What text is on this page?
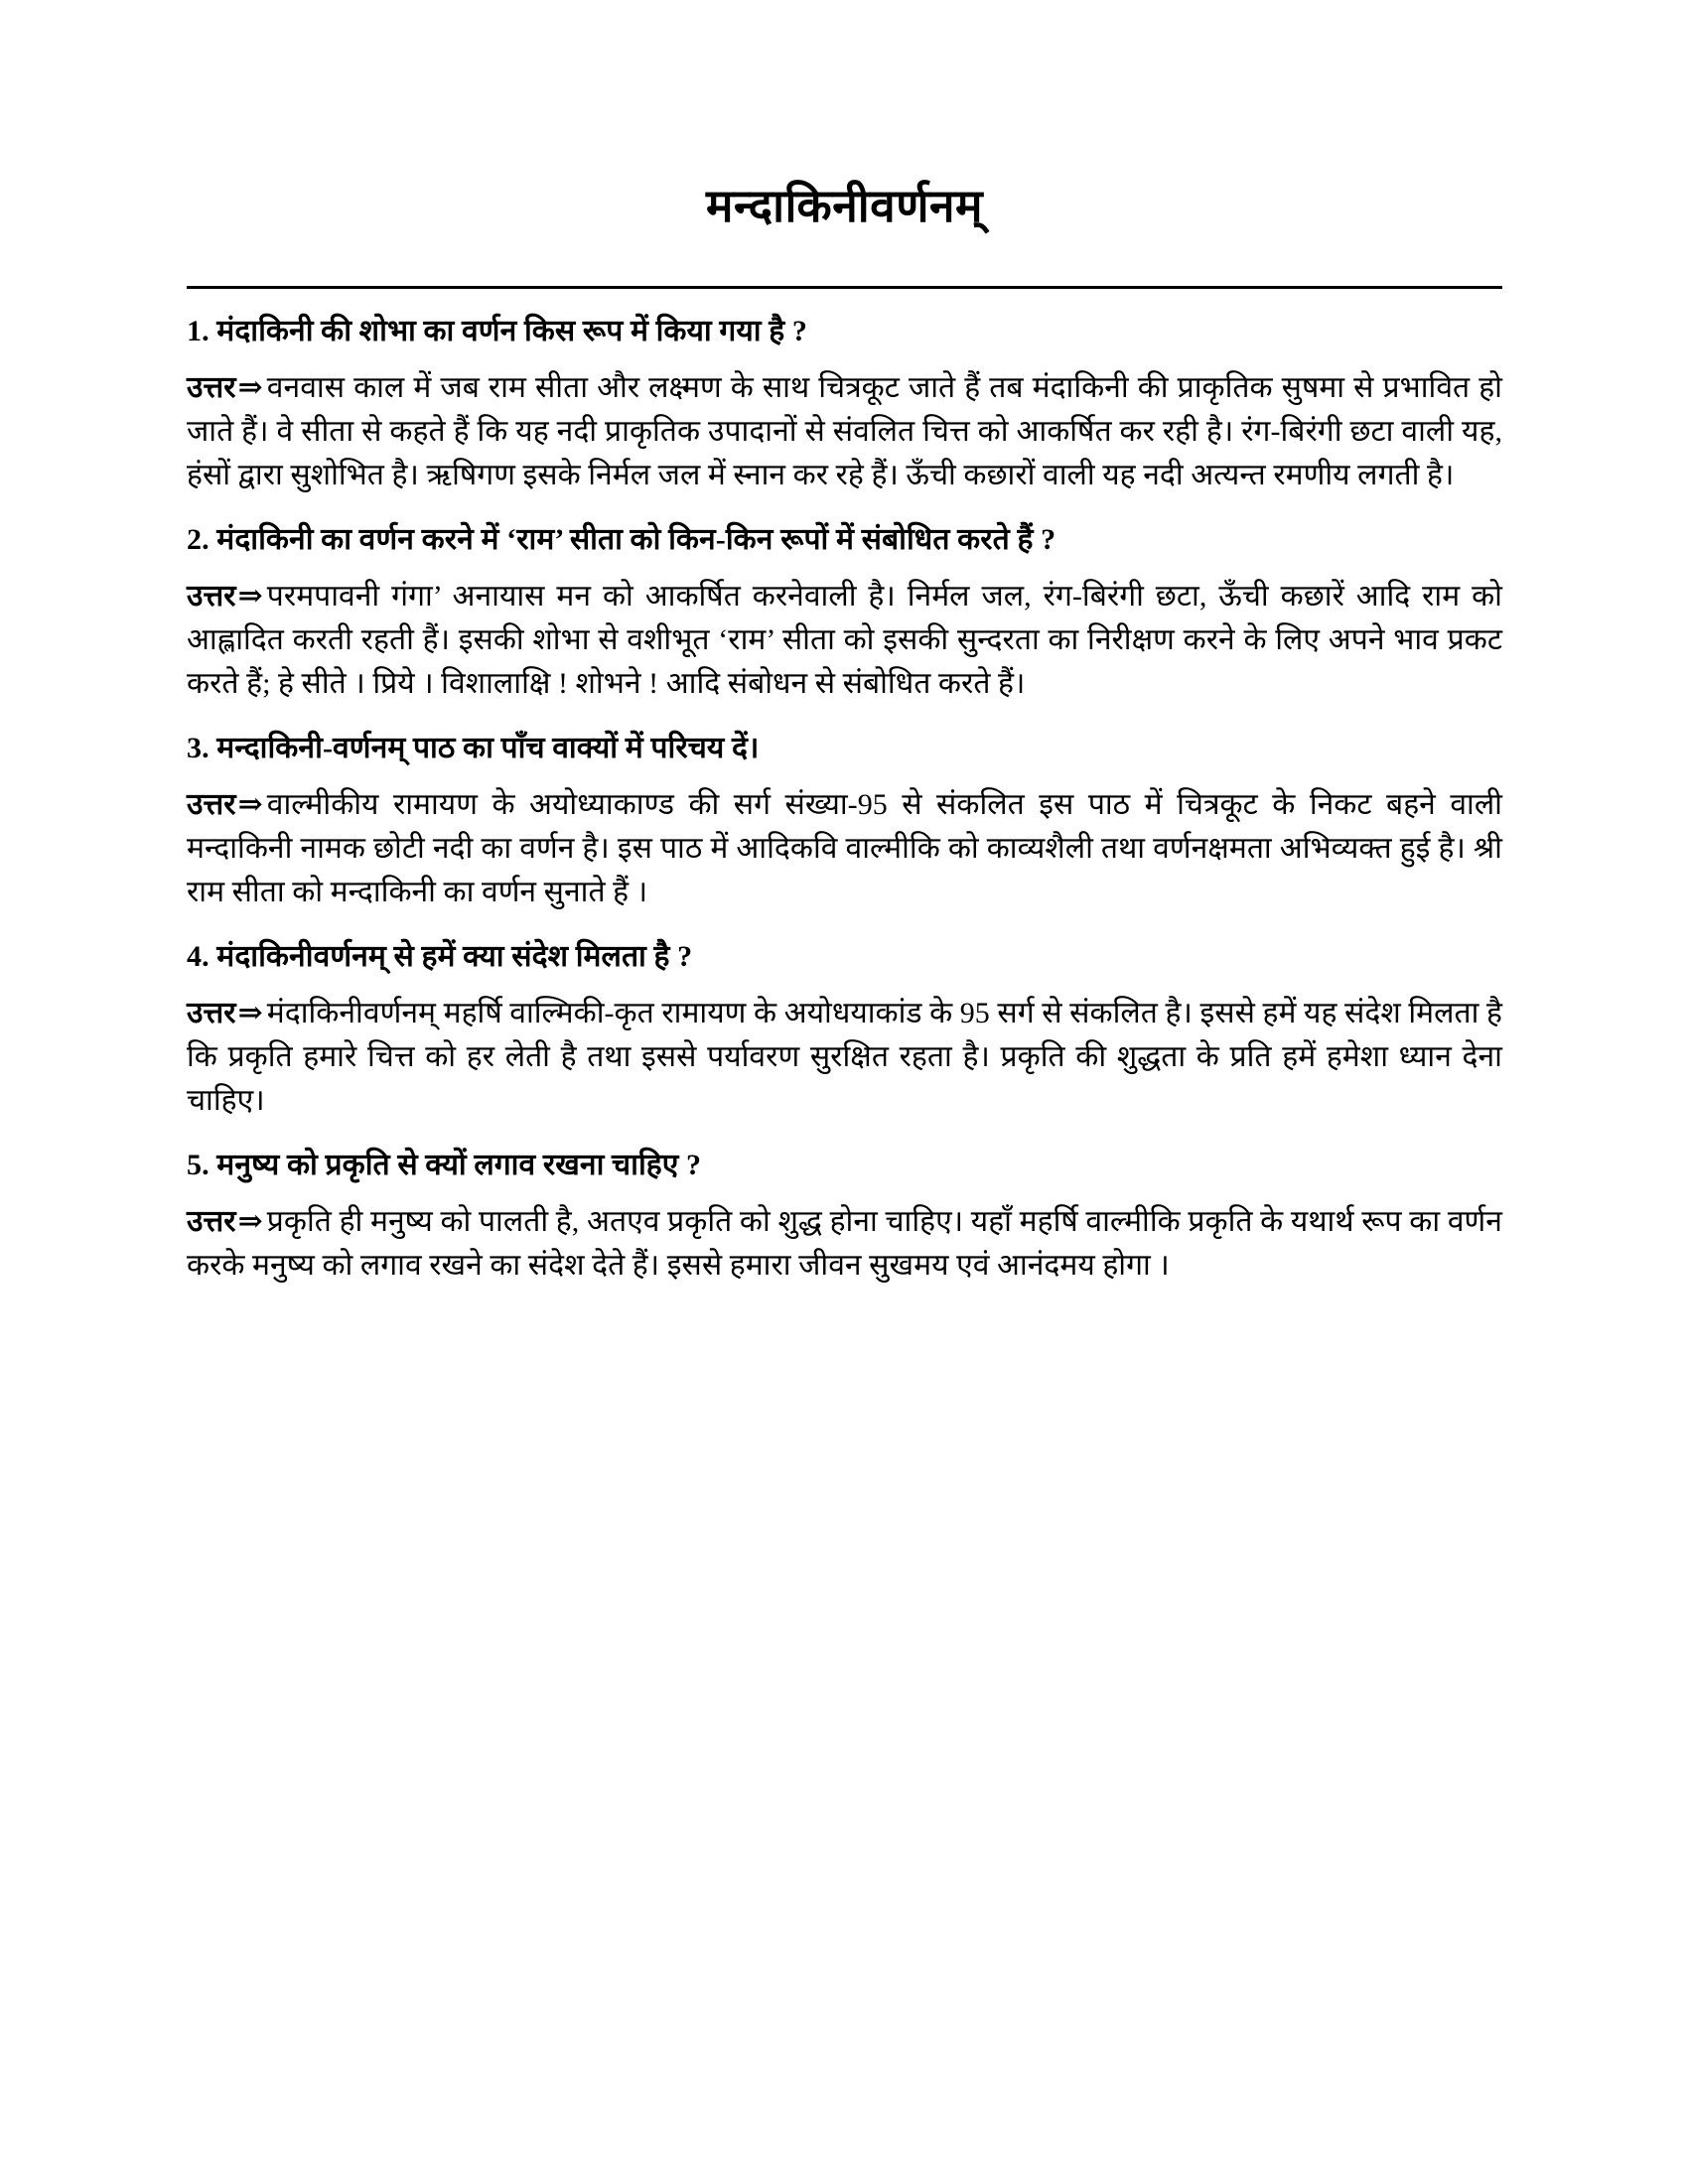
मन्दाकिनीवर्णनम्

1. मंदाकिनी की शोभा का वर्णन किस रूप में किया गया है ?

उत्तर⇒ वनवास काल में जब राम सीता और लक्ष्मण के साथ चित्रकूट जाते हैं तब मंदाकिनी की प्राकृतिक सुषमा से प्रभावित हो जाते हैं। वे सीता से कहते हैं कि यह नदी प्राकृतिक उपादानों से संवलित चित्त को आकर्षित कर रही है। रंग-बिरंगी छटा वाली यह, हंसों द्वारा सुशोभित है। ऋषिगण इसके निर्मल जल में स्नान कर रहे हैं। ऊँची कछारों वाली यह नदी अत्यन्त रमणीय लगती है।

2. मंदाकिनी का वर्णन करने में ‘राम’ सीता को किन-किन रूपों में संबोधित करते हैं ?

उत्तर⇒ परमपावनी गंगा’ अनायास मन को आकर्षित करनेवाली है। निर्मल जल, रंग-बिरंगी छटा, ऊँची कछारें आदि राम को आह्लादित करती रहती हैं। इसकी शोभा से वशीभूत ‘राम’ सीता को इसकी सुन्दरता का निरीक्षण करने के लिए अपने भाव प्रकट करते हैं; हे सीते । प्रिये । विशालाक्षि ! शोभने ! आदि संबोधन से संबोधित करते हैं।

3. मन्दाकिनी-वर्णनम् पाठ का पाँच वाक्यों में परिचय दें।

उत्तर⇒ वाल्मीकीय रामायण के अयोध्याकाण्ड की सर्ग संख्या-95 से संकलित इस पाठ में चित्रकूट के निकट बहने वाली मन्दाकिनी नामक छोटी नदी का वर्णन है। इस पाठ में आदिकवि वाल्मीकि को काव्यशैली तथा वर्णनक्षमता अभिव्यक्त हुई है। श्री राम सीता को मन्दाकिनी का वर्णन सुनाते हैं ।

4. मंदाकिनीवर्णनम् से हमें क्या संदेश मिलता है ?

उत्तर⇒ मंदाकिनीवर्णनम् महर्षि वाल्मिकी-कृत रामायण के अयोधयाकांड के 95 सर्ग से संकलित है। इससे हमें यह संदेश मिलता है कि प्रकृति हमारे चित्त को हर लेती है तथा इससे पर्यावरण सुरक्षित रहता है। प्रकृति की शुद्धता के प्रति हमें हमेशा ध्यान देना चाहिए।

5. मनुष्य को प्रकृति से क्यों लगाव रखना चाहिए ?

उत्तर⇒ प्रकृति ही मनुष्य को पालती है, अतएव प्रकृति को शुद्ध होना चाहिए। यहाँ महर्षि वाल्मीकि प्रकृति के यथार्थ रूप का वर्णन करके मनुष्य को लगाव रखने का संदेश देते हैं। इससे हमारा जीवन सुखमय एवं आनंदमय होगा ।
